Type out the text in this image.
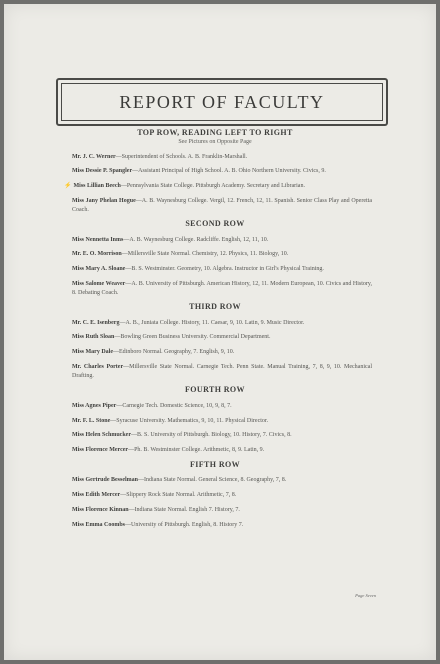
REPORT OF FACULTY
TOP ROW, READING LEFT TO RIGHT
See Pictures on Opposite Page

Mr. J. C. Werner—Superintendent of Schools. A. B. Franklin-Marshall.

Miss Dessie P. Spangler—Assistant Principal of High School. A. B. Ohio Northern University. Civics, 9.

⚡ Miss Lillian Beech—Pennsylvania State College. Pittsburgh Academy. Secretary and Librarian.

Miss Jany Phelan Hogue—A. B. Waynesburg College. Vergil, 12. French, 12, 11. Spanish. Senior Class Play and Operetta Coach.

SECOND ROW

Miss Nennetta Inms—A. B. Waynesburg College. Radcliffe. English, 12, 11, 10.

Mr. E. O. Morrison—Millersville State Normal. Chemistry, 12. Physics, 11. Biology, 10.

Miss Mary A. Sloane—B. S. Westminster. Geometry, 10. Algebra. Instructor in Girl's Physical Training.

Miss Salome Weaver—A. B. University of Pittsburgh. American History, 12, 11. Modern European, 10. Civics and History, 8. Debating Coach.

THIRD ROW

Mr. C. E. Isenberg—A. B., Juniata College. History, 11. Caesar, 9, 10. Latin, 9. Music Director.

Miss Ruth Sloan—Bowling Green Business University. Commercial Department.

Miss Mary Dale—Edinboro Normal. Geography, 7. English, 9, 10.

Mr. Charles Porter—Millersville State Normal. Carnegie Tech. Penn State. Manual Training, 7, 8, 9, 10. Mechanical Drafting.

FOURTH ROW

Miss Agnes Piper—Carnegie Tech. Domestic Science, 10, 9, 8, 7.

Mr. F. L. Stone—Syracuse University. Mathematics, 9, 10, 11. Physical Director.

Miss Helen Schmucker—B. S. University of Pittsburgh. Biology, 10. History, 7. Civics, 8.

Miss Florence Mercer—Ph. B. Westminster College. Arithmetic, 8, 9. Latin, 9.

FIFTH ROW

Miss Gertrude Besselman—Indiana State Normal. General Science, 8. Geography, 7, 8.

Miss Edith Mercer—Slippery Rock State Normal. Arithmetic, 7, 8.

Miss Florence Kinnan—Indiana State Normal. English 7. History, 7.

Miss Emma Coombs—University of Pittsburgh. English, 8. History 7.

Page Seven
